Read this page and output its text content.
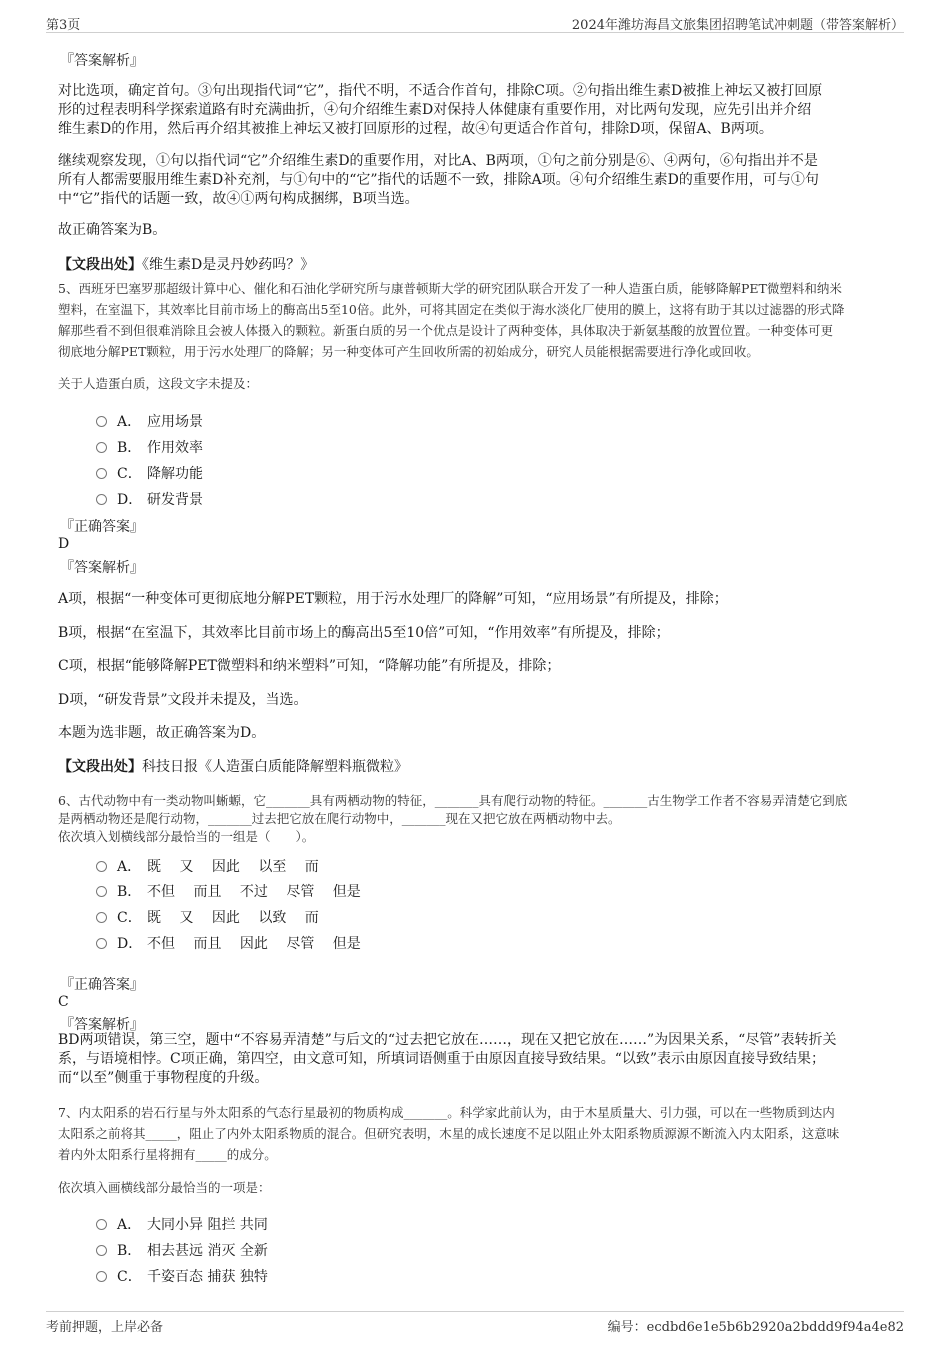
第3页	2024年潍坊海昌文旅集团招聘笔试冲刺题（带答案解析）
『答案解析』
对比选项，确定首句。③句出现指代词“它”，指代不明，不适合作首句，排除C项。②句指出维生素D被推上神坛又被打回原
形的过程表明科学探索道路有时充满曲折，④句介绍维生素D对保持人体健康有重要作用，对比两句发现，应先引出并介绍
维生素D的作用，然后再介绍其被推上神坛又被打回原形的过程，故④句更适合作首句，排除D项，保留A、B两项。
继续观察发现，①句以指代词“它”介绍维生素D的重要作用，对比A、B两项，①句之前分别是⑥、④两句，⑥句指出并不是
所有人都需要服用维生素D补充剂，与①句中的“它”指代的话题不一致，排除A项。④句介绍维生素D的重要作用，可与①句
中“它”指代的话题一致，故④①两句构成捆绑，B项当选。
故正确答案为B。
【文段出处】《维生素D是灵丹妙药吗？》
5、西班牙巴塞罗那超级计算中心、催化和石油化学研究所与康普顿斯大学的研究团队联合开发了一种人造蛋白质，能够降解PET微塑料和纳米
塑料，在室温下，其效率比目前市场上的酶高出5至10倍。此外，可将其固定在类似于海水淡化厂使用的膜上，这将有助于其以过滤器的形式降
解那些看不到但很难消除且会被人体摄入的颗粒。新蛋白质的另一个优点是设计了两种变体，具体取决于新氨基酸的放置位置。一种变体可更
彻底地分解PET颗粒，用于污水处理厂的降解；另一种变体可产生回收所需的初始成分，研究人员能根据需要进行净化或回收。
关于人造蛋白质，这段文字未提及：
A． 应用场景
B． 作用效率
C． 降解功能
D． 研发背景
『正确答案』
D
『答案解析』
A项，根据“一种变体可更彻底地分解PET颗粒，用于污水处理厂的降解”可知，“应用场景”有所提及，排除；
B项，根据“在室温下，其效率比目前市场上的酶高出5至10倍”可知，“作用效率”有所提及，排除；
C项，根据“能够降解PET微塑料和纳米塑料”可知，“降解功能”有所提及，排除；
D项，“研发背景”文段并未提及，当选。
本题为选非题，故正确答案为D。
【文段出处】科技日报《人造蛋白质能降解塑料瓶微粒》
6、古代动物中有一类动物叫蜥螈，它_______具有两栖动物的特征，_______具有爬行动物的特征。_______古生物学工作者不容易弄清楚它到底
是两栖动物还是爬行动物，_______过去把它放在爬行动物中，_______现在又把它放在两栖动物中去。
依次填入划横线部分最恰当的一组是（　　）。
A． 既　 又　 因此　 以至　 而
B． 不但　 而且　 不过　 尽管　 但是
C． 既　 又　 因此　 以致　 而
D． 不但　 而且　 因此　 尽管　 但是
『正确答案』
C
『答案解析』
BD两项错误，第三空，题中“不容易弄清楚”与后文的“过去把它放在……，现在又把它放在……”为因果关系，“尽管”表转折关
系，与语境相悖。C项正确，第四空，由文意可知，所填词语侧重于由原因直接导致结果。“以致”表示由原因直接导致结果；
而“以至”侧重于事物程度的升级。
7、内太阳系的岩石行星与外太阳系的气态行星最初的物质构成_______。科学家此前认为，由于木星质量大、引力强，可以在一些物质到达内
太阳系之前将其_____，阻止了内外太阳系物质的混合。但研究表明，木星的成长速度不足以阻止外太阳系物质源源不断流入内太阳系，这意味
着内外太阳系行星将拥有_____的成分。
依次填入画横线部分最恰当的一项是：
A． 大同小异 阻拦 共同
B． 相去甚远 消灭 全新
C． 千姿百态 捕获 独特
考前押题，上岸必备	编号：ecdbd6e1e5b6b2920a2bddd9f94a4e82
